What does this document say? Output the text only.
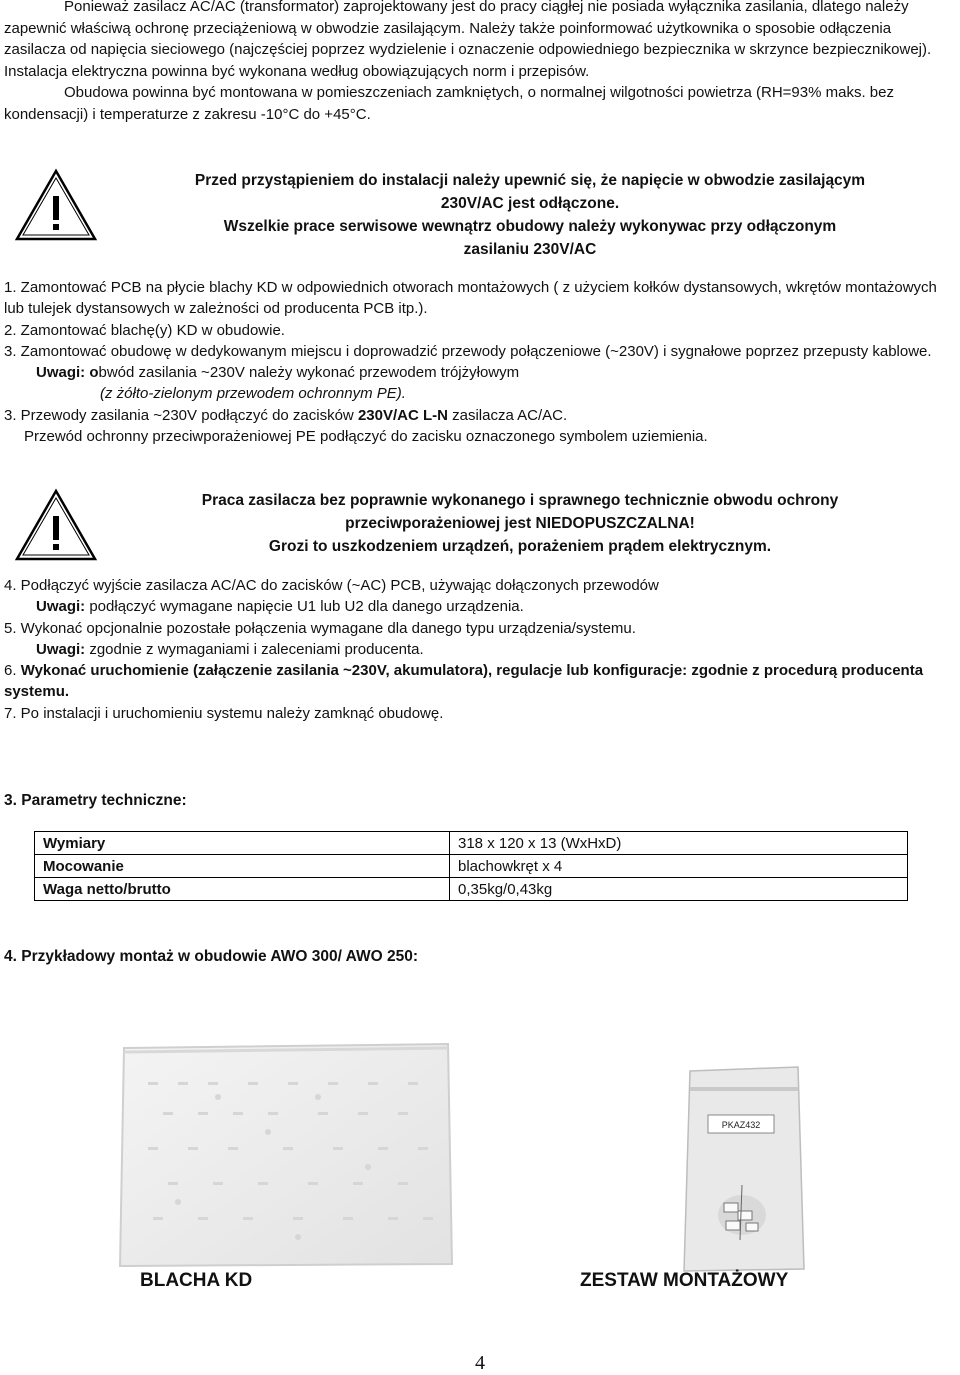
Ponieważ zasilacz AC/AC (transformator) zaprojektowany jest do pracy ciągłej nie posiada wyłącznika zasilania, dlatego należy zapewnić właściwą ochronę przeciążeniową w obwodzie zasilającym. Należy także poinformować użytkownika o sposobie odłączenia zasilacza od napięcia sieciowego (najczęściej poprzez wydzielenie i oznaczenie odpowiedniego bezpiecznika w skrzynce bezpiecznikowej). Instalacja elektryczna powinna być wykonana według obowiązujących norm i przepisów.
Obudowa powinna być montowana w pomieszczeniach zamkniętych, o normalnej wilgotności powietrza (RH=93% maks. bez kondensacji) i temperaturze z zakresu -10°C do +45°C.
Przed przystąpieniem do instalacji należy upewnić się, że napięcie w obwodzie zasilającym
230V/AC jest odłączone.
Wszelkie prace serwisowe wewnątrz obudowy należy wykonywac przy odłączonym
zasilaniu 230V/AC
1. Zamontować PCB na płycie blachy KD w odpowiednich otworach montażowych ( z użyciem kołków dystansowych, wkrętów montażowych lub tulejek dystansowych w zależności od producenta PCB itp.).
2. Zamontować blachę(y) KD w obudowie.
3. Zamontować obudowę w dedykowanym miejscu i doprowadzić przewody połączeniowe (~230V) i sygnałowe poprzez przepusty kablowe.
Uwagi: obwód zasilania ~230V należy wykonać przewodem trójżyłowym
(z żółto-zielonym przewodem ochronnym PE).
3. Przewody zasilania ~230V podłączyć do zacisków 230V/AC L-N zasilacza AC/AC.
Przewód ochronny przeciwporażeniowej PE podłączyć do zacisku oznaczonego symbolem uziemienia.
Praca zasilacza bez poprawnie wykonanego i sprawnego technicznie obwodu ochrony
przeciwporażeniowej jest NIEDOPUSZCZALNA!
Grozi to uszkodzeniem urządzeń, porażeniem prądem elektrycznym.
4. Podłączyć wyjście zasilacza AC/AC do zacisków (~AC) PCB, używając dołączonych przewodów
Uwagi: podłączyć wymagane napięcie U1 lub U2 dla danego urządzenia.
5. Wykonać opcjonalnie pozostałe połączenia wymagane dla danego typu urządzenia/systemu.
Uwagi: zgodnie z wymaganiami i zaleceniami producenta.
6. Wykonać uruchomienie (załączenie zasilania ~230V, akumulatora), regulacje lub konfiguracje: zgodnie z procedurą producenta systemu.
7. Po instalacji i uruchomieniu systemu należy zamknąć obudowę.
3. Parametry techniczne:
Wymiary	318 x 120 x 13 (WxHxD)
Mocowanie	blachowkręt x 4
Waga netto/brutto	0,35kg/0,43kg
4. Przykładowy montaż w obudowie AWO 300/ AWO 250:
PKAZ432
BLACHA KD	ZESTAW MONTAŻOWY
4
